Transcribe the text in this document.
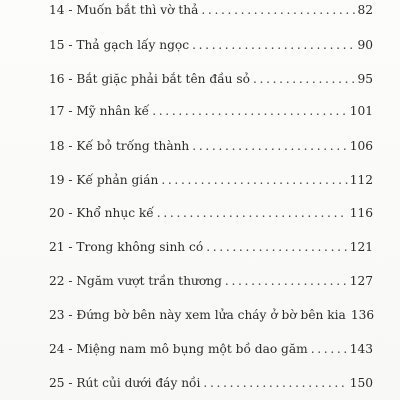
14 - Muốn bắt thì vờ thả . . .	82
15 - Thả gạch lấy ngọc . . .	90
16 - Bắt giặc phải bắt tên đầu sỏ . . .	95
17 - Mỹ nhân kế . . .	101
18 - Kế bỏ trống thành . . .	106
19 - Kế phản gián . . .	112
20 - Khổ nhục kế . . .	116
21 - Trong không sinh có . . .	121
22 - Ngăm vượt trần thương . . .	127
23 - Đứng bờ bên này xem lửa cháy ở bờ bên kia 136
24 - Miệng nam mô bụng một bồ dao găm . . .	143
25 - Rút củi dưới đáy nồi . . .	150
